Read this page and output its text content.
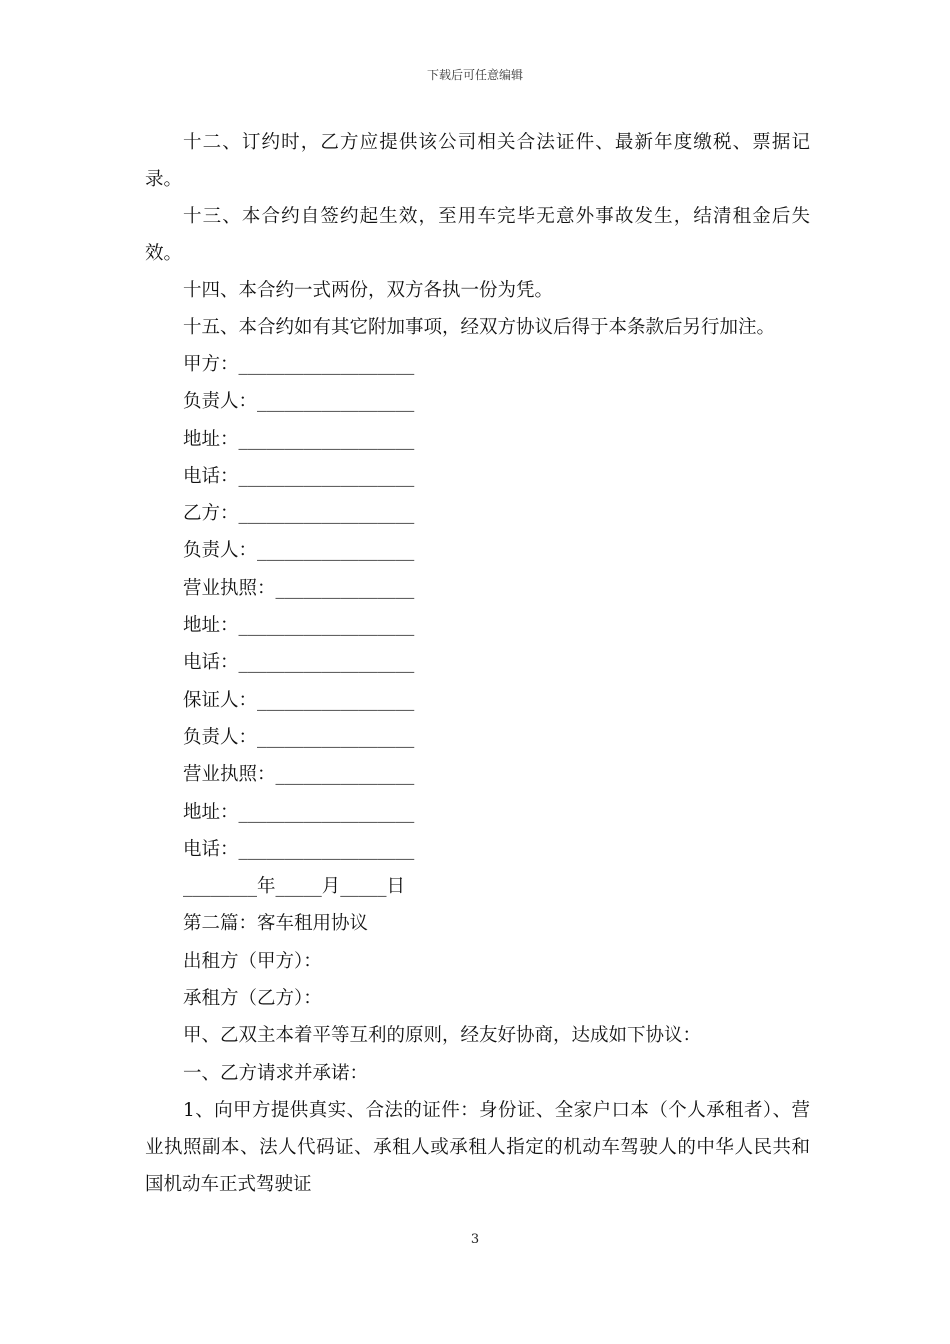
下载后可任意编辑

十二、订约时，乙方应提供该公司相关合法证件、最新年度缴税、票据记录。

十三、本合约自签约起生效，至用车完毕无意外事故发生，结清租金后失效。

十四、本合约一式两份，双方各执一份为凭。

十五、本合约如有其它附加事项，经双方协议后得于本条款后另行加注。

甲方：___________________
负责人：_________________
地址：___________________
电话：___________________
乙方：___________________
负责人：_________________
营业执照：_______________
地址：___________________
电话：___________________
保证人：_________________
负责人：_________________
营业执照：_______________
地址：___________________
电话：___________________
________年_____月_____日
第二篇：客车租用协议
出租方（甲方）：
承租方（乙方）：
甲、乙双主本着平等互利的原则，经友好协商，达成如下协议：
一、乙方请求并承诺：

1、向甲方提供真实、合法的证件：身份证、全家户口本（个人承租者）、营业执照副本、法人代码证、承租人或承租人指定的机动车驾驶人的中华人民共和国机动车正式驾驶证

3
